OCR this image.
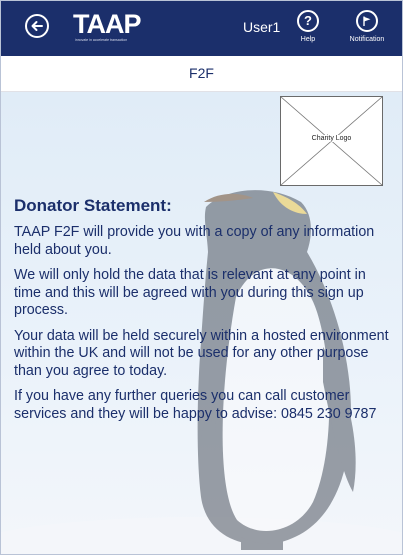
TAAP
innovate in accelerate transaction
User1	?
Help	Notification
F2F
Charity Logo
Donator Statement:

TAAP F2F will provide you with a copy of any information held about you.

We will only hold the data that is relevant at any point in time and this will be agreed with you during this sign up process.

Your data will be held securely within a hosted environment within the UK and will not be used for any other purpose than you agree to today.

If you have any further queries you can call customer services and they will be happy to advise: 0845 230 9787
